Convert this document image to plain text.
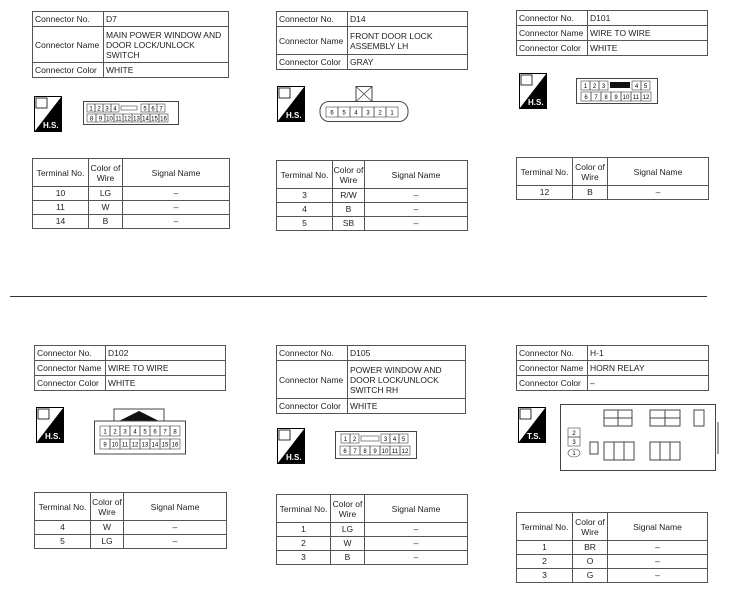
Connector No.	D7
Connector Name	MAIN POWER WINDOW AND DOOR LOCK/UNLOCK SWITCH
Connector Color	WHITE
H.S.
1 2 3 4	5 6 7
8 9 10 11 12 13 14 15 16
Terminal No.	Color of Wire	Signal Name
10	LG	–
11	W	–
14	B	–
Connector No.	D14
Connector Name	FRONT DOOR LOCK ASSEMBLY LH
Connector Color	GRAY
H.S.	6 5 4 3 2 1
Terminal No.	Color of Wire	Signal Name
3	R/W	–
4	B	–
5	SB	–
Connector No.	D101
Connector Name	WIRE TO WIRE
Connector Color	WHITE
H.S.
1 2 3	4 5
6 7 8 9 10 11 12
Terminal No.	Color of Wire	Signal Name
12	B	–
Connector No.	D102
Connector Name	WIRE TO WIRE
Connector Color	WHITE
H.S.	1 2 3 4 5 6 7 8
9 10 11 12 13 14 15 16
Terminal No.	Color of Wire	Signal Name
4	W	–
5	LG	–
Connector No.	D105
Connector Name	POWER WINDOW AND DOOR LOCK/UNLOCK SWITCH RH
Connector Color	WHITE
H.S.
1 2	3 4 5
6 7 8 9 10 11 12
Terminal No.	Color of Wire	Signal Name
1	LG	–
2	W	–
3	B	–
Connector No.	H-1
Connector Name	HORN RELAY
Connector Color	–
T.S.	2
3
1
Terminal No.	Color of Wire	Signal Name
1	BR	–
2	O	–
3	G	–
